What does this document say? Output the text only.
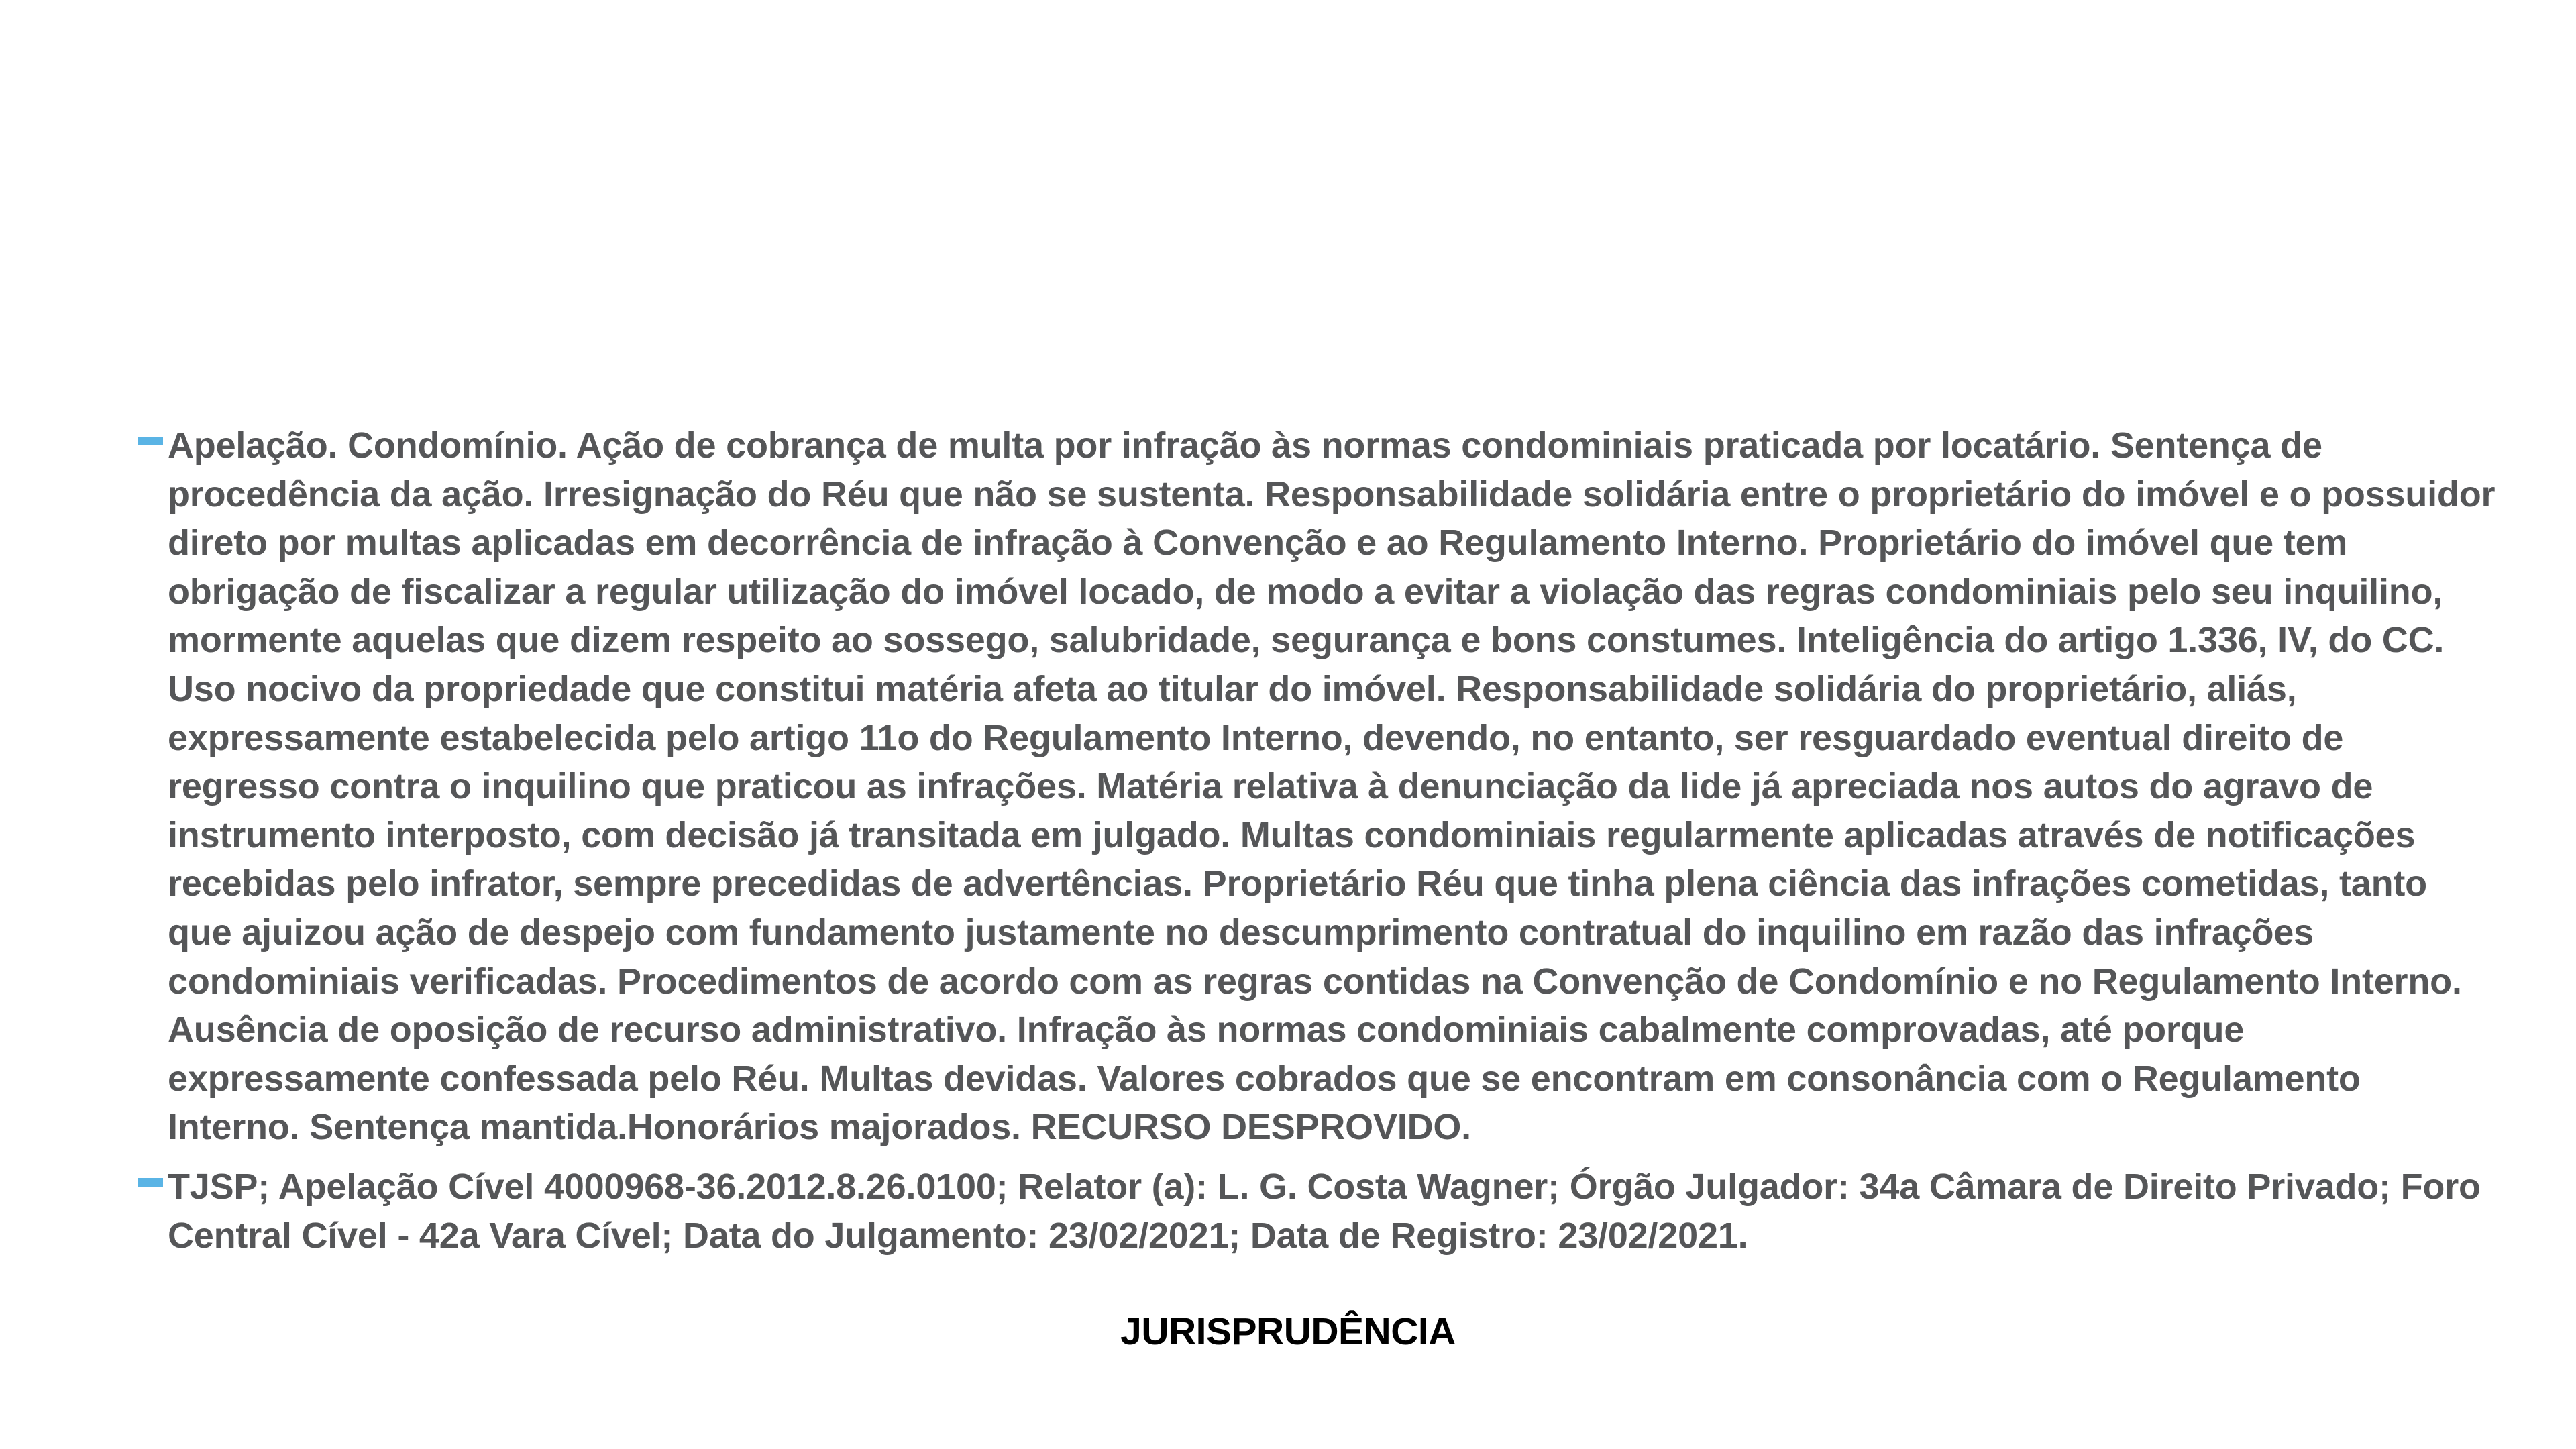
Apelação. Condomínio. Ação de cobrança de multa por infração às normas condominiais praticada por locatário. Sentença de procedência da ação. Irresignação do Réu que não se sustenta. Responsabilidade solidária entre o proprietário do imóvel e o possuidor direto por multas aplicadas em decorrência de infração à Convenção e ao Regulamento Interno. Proprietário do imóvel que tem obrigação de fiscalizar a regular utilização do imóvel locado, de modo a evitar a violação das regras condominiais pelo seu inquilino, mormente aquelas que dizem respeito ao sossego, salubridade, segurança e bons constumes. Inteligência do artigo 1.336, IV, do CC. Uso nocivo da propriedade que constitui matéria afeta ao titular do imóvel. Responsabilidade solidária do proprietário, aliás, expressamente estabelecida pelo artigo 11o do Regulamento Interno, devendo, no entanto, ser resguardado eventual direito de regresso contra o inquilino que praticou as infrações. Matéria relativa à denunciação da lide já apreciada nos autos do agravo de instrumento interposto, com decisão já transitada em julgado. Multas condominiais regularmente aplicadas através de notificações recebidas pelo infrator, sempre precedidas de advertências. Proprietário Réu que tinha plena ciência das infrações cometidas, tanto que ajuizou ação de despejo com fundamento justamente no descumprimento contratual do inquilino em razão das infrações condominiais verificadas. Procedimentos de acordo com as regras contidas na Convenção de Condomínio e no Regulamento Interno. Ausência de oposição de recurso administrativo. Infração às normas condominiais cabalmente comprovadas, até porque expressamente confessada pelo Réu. Multas devidas. Valores cobrados que se encontram em consonância com o Regulamento Interno. Sentença mantida.Honorários majorados. RECURSO DESPROVIDO.

TJSP; Apelação Cível 4000968-36.2012.8.26.0100; Relator (a): L. G. Costa Wagner; Órgão Julgador: 34a Câmara de Direito Privado; Foro Central Cível - 42a Vara Cível; Data do Julgamento: 23/02/2021; Data de Registro: 23/02/2021.

JURISPRUDÊNCIA
